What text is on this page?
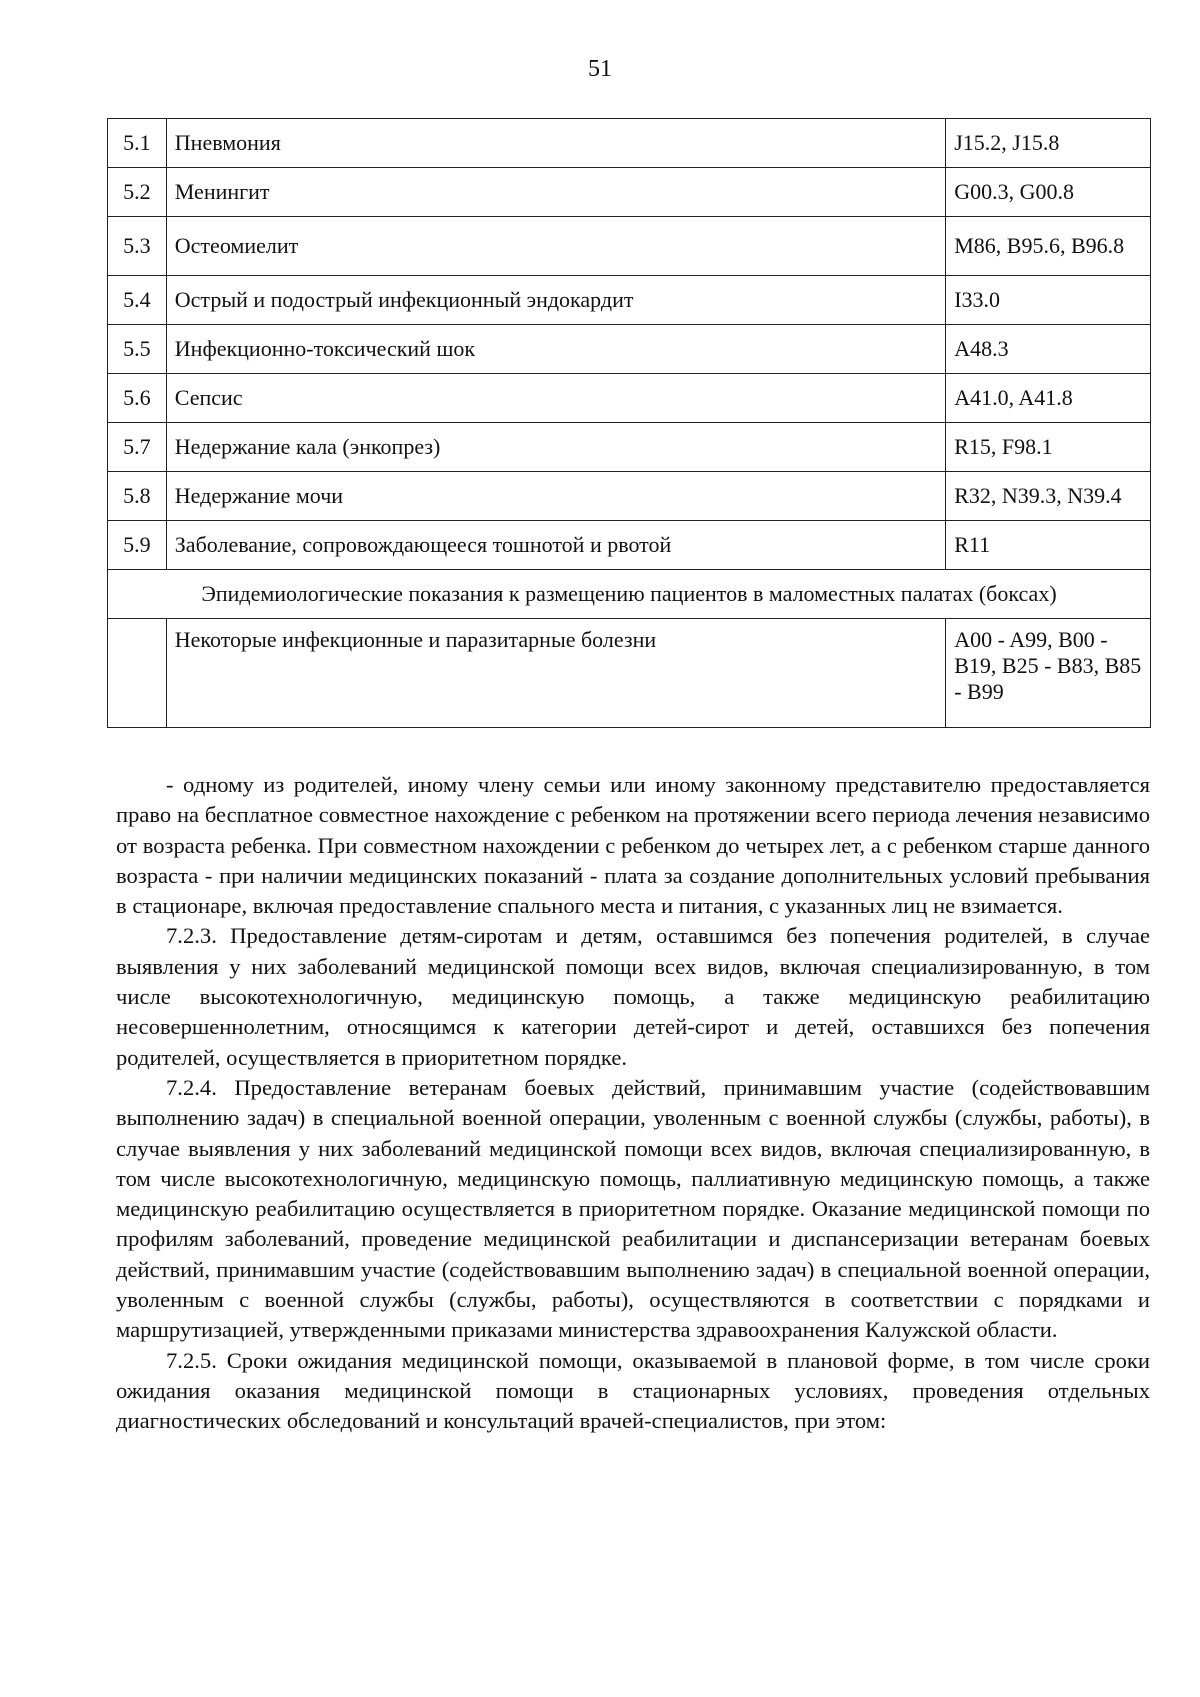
51
5.1	Пневмония	J15.2, J15.8
5.2	Менингит	G00.3, G00.8
5.3	Остеомиелит	M86, B95.6, B96.8
5.4	Острый и подострый инфекционный эндокардит	I33.0
5.5	Инфекционно-токсический шок	A48.3
5.6	Сепсис	A41.0, A41.8
5.7	Недержание кала (энкопрез)	R15, F98.1
5.8	Недержание мочи	R32, N39.3, N39.4
5.9	Заболевание, сопровождающееся тошнотой и рвотой	R11
Эпидемиологические показания к размещению пациентов в маломестных палатах (боксах)		
	Некоторые инфекционные и паразитарные болезни	A00 - A99, B00 - B19, B25 - B83, B85 - B99

- одному из родителей, иному члену семьи или иному законному представителю предоставляется право на бесплатное совместное нахождение с ребенком на протяжении всего периода лечения независимо от возраста ребенка. При совместном нахождении с ребенком до четырех лет, а с ребенком старше данного возраста - при наличии медицинских показаний - плата за создание дополнительных условий пребывания в стационаре, включая предоставление спального места и питания, с указанных лиц не взимается.

7.2.3. Предоставление детям-сиротам и детям, оставшимся без попечения родителей, в случае выявления у них заболеваний медицинской помощи всех видов, включая специализированную, в том числе высокотехнологичную, медицинскую помощь, а также медицинскую реабилитацию несовершеннолетним, относящимся к категории детей-сирот и детей, оставшихся без попечения родителей, осуществляется в приоритетном порядке.

7.2.4. Предоставление ветеранам боевых действий, принимавшим участие (содействовавшим выполнению задач) в специальной военной операции, уволенным с военной службы (службы, работы), в случае выявления у них заболеваний медицинской помощи всех видов, включая специализированную, в том числе высокотехнологичную, медицинскую помощь, паллиативную медицинскую помощь, а также медицинскую реабилитацию осуществляется в приоритетном порядке. Оказание медицинской помощи по профилям заболеваний, проведение медицинской реабилитации и диспансеризации ветеранам боевых действий, принимавшим участие (содействовавшим выполнению задач) в специальной военной операции, уволенным с военной службы (службы, работы), осуществляются в соответствии с порядками и маршрутизацией, утвержденными приказами министерства здравоохранения Калужской области.

7.2.5. Сроки ожидания медицинской помощи, оказываемой в плановой форме, в том числе сроки ожидания оказания медицинской помощи в стационарных условиях, проведения отдельных диагностических обследований и консультаций врачей-специалистов, при этом:
